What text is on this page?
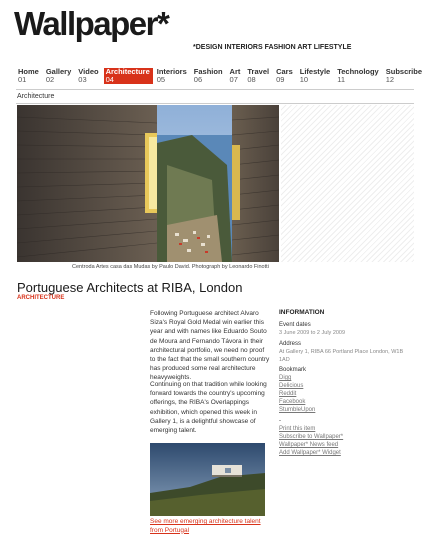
Wallpaper*
*DESIGN INTERIORS FASHION ART LIFESTYLE
Home
01
Gallery
02
Video
03
Architecture
04
Interiors
05
Fashion
06
Art
07
Travel
08
Cars
09
Lifestyle
10
Technology
11
Subscribe
12
Architecture
Centroda Artes casa das Mudas by Paulo David. Photograph by Leonardo Finotti
Portuguese Architects at RIBA, London
ARCHITECTURE
Following Portuguese architect Alvaro Siza's Royal Gold Medal win earlier this year and with names like Eduardo Souto de Moura and Fernando Távora in their architectural portfolio, we need no proof to the fact that the small southern country has produced some real architecture heavyweights.
Continuing on that tradition while looking forward towards the country's upcoming offerings, the RIBA's Overlappings exhibition, which opened this week in Gallery 1, is a delightful showcase of emerging talent.
See more emerging architecture talent from Portugal
INFORMATION
Event dates
3 June 2009 to 2 July 2009
Address
At Gallery 1, RIBA 66 Portland Place London, W1B 1AD
Bookmark
Digg
Delicious
Reddit
Facebook
StumbleUpon
-
Print this item
Subscribe to Wallpaper*
Wallpaper* News feed
Add Wallpaper* Widget
